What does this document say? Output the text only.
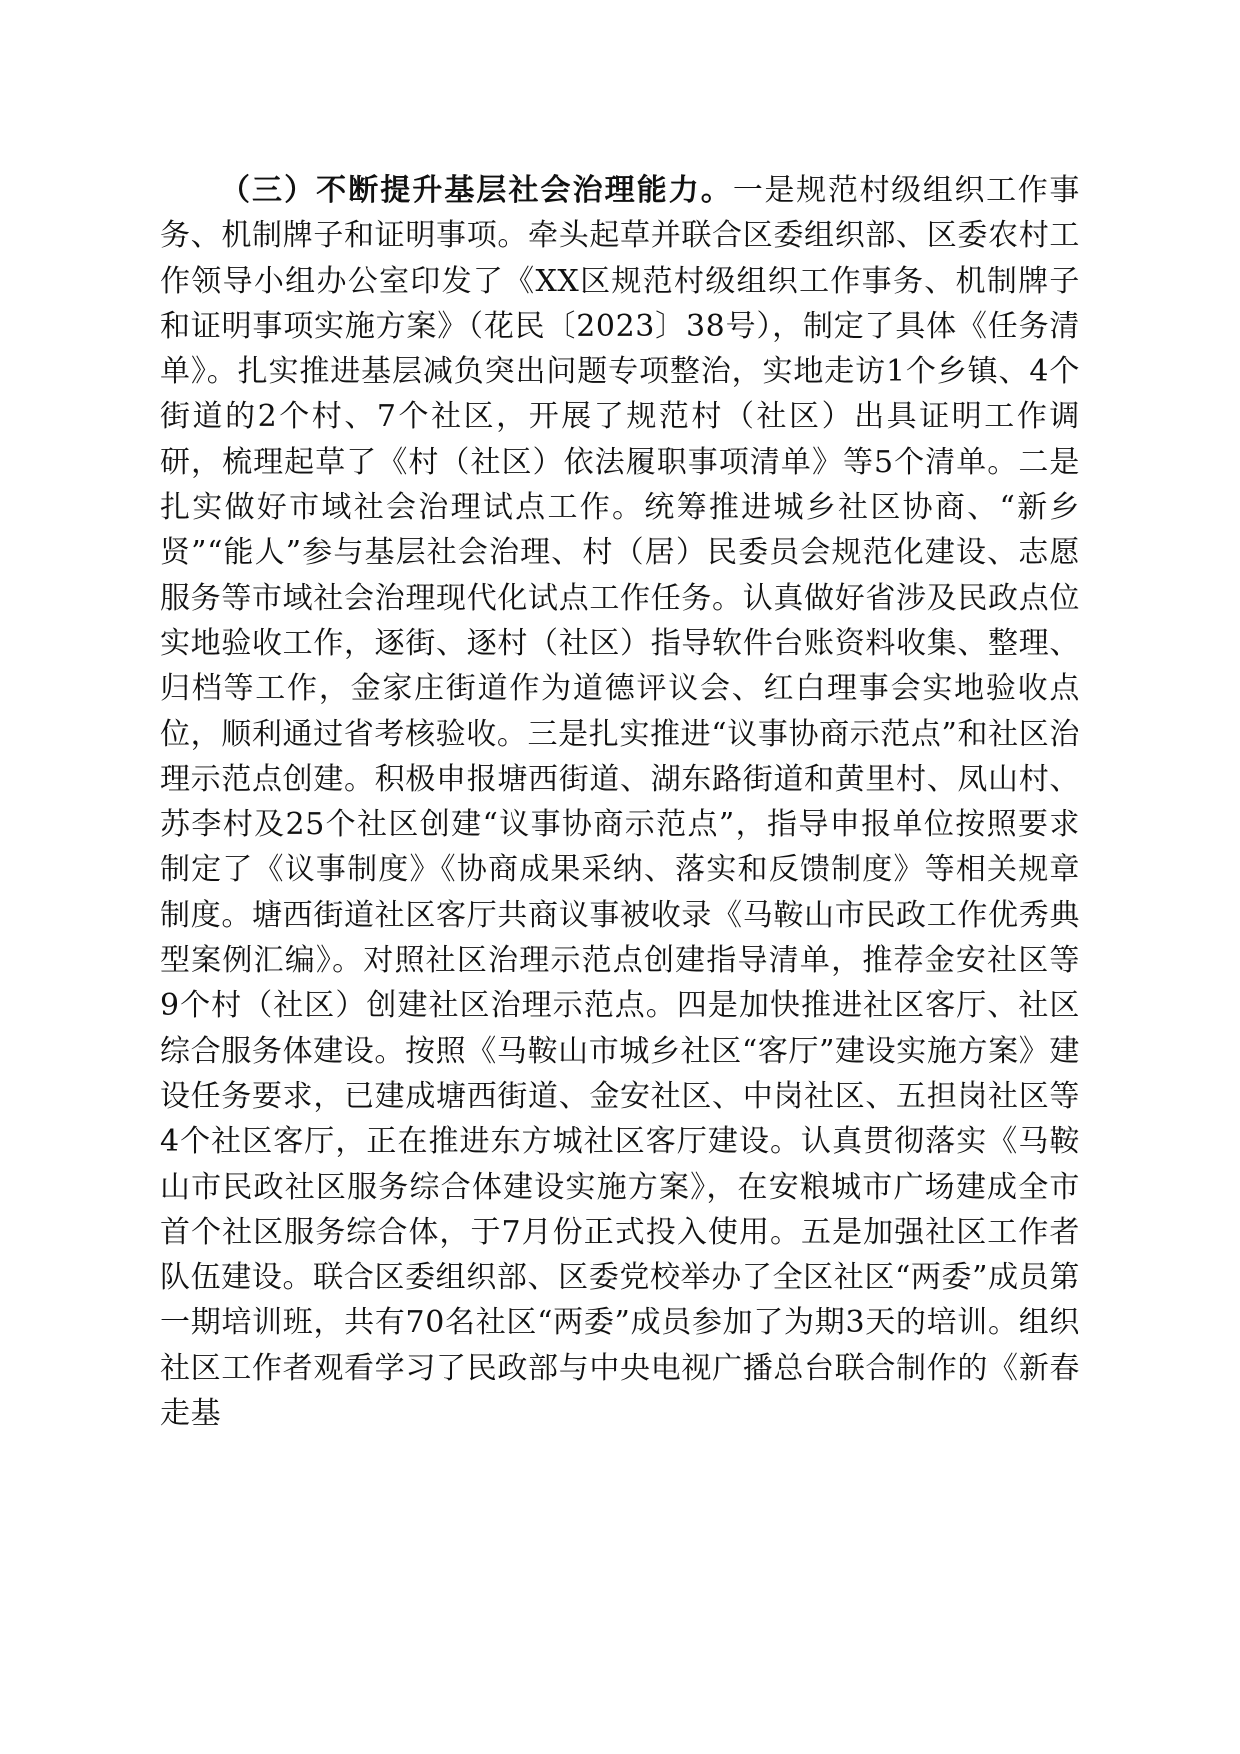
（三）不断提升基层社会治理能力。一是规范村级组织工作事务、机制牌子和证明事项。牵头起草并联合区委组织部、区委农村工作领导小组办公室印发了《XX区规范村级组织工作事务、机制牌子和证明事项实施方案》（花民〔2023〕38号），制定了具体《任务清单》。扎实推进基层减负突出问题专项整治，实地走访1个乡镇、4个街道的2个村、7个社区，开展了规范村（社区）出具证明工作调研，梳理起草了《村（社区）依法履职事项清单》等5个清单。二是扎实做好市域社会治理试点工作。统筹推进城乡社区协商、“新乡贤”“能人”参与基层社会治理、村（居）民委员会规范化建设、志愿服务等市域社会治理现代化试点工作任务。认真做好省涉及民政点位实地验收工作，逐街、逐村（社区）指导软件台账资料收集、整理、归档等工作，金家庄街道作为道德评议会、红白理事会实地验收点位，顺利通过省考核验收。三是扎实推进“议事协商示范点”和社区治理示范点创建。积极申报塘西街道、湖东路街道和黄里村、凤山村、苏李村及25个社区创建“议事协商示范点”，指导申报单位按照要求制定了《议事制度》《协商成果采纳、落实和反馈制度》等相关规章制度。塘西街道社区客厅共商议事被收录《马鞍山市民政工作优秀典型案例汇编》。对照社区治理示范点创建指导清单，推荐金安社区等9个村（社区）创建社区治理示范点。四是加快推进社区客厅、社区综合服务体建设。按照《马鞍山市城乡社区“客厅”建设实施方案》建设任务要求，已建成塘西街道、金安社区、中岗社区、五担岗社区等4个社区客厅，正在推进东方城社区客厅建设。认真贯彻落实《马鞍山市民政社区服务综合体建设实施方案》，在安粮城市广场建成全市首个社区服务综合体，于7月份正式投入使用。五是加强社区工作者队伍建设。联合区委组织部、区委党校举办了全区社区“两委”成员第一期培训班，共有70名社区“两委”成员参加了为期3天的培训。组织社区工作者观看学习了民政部与中央电视广播总台联合制作的《新春走基
